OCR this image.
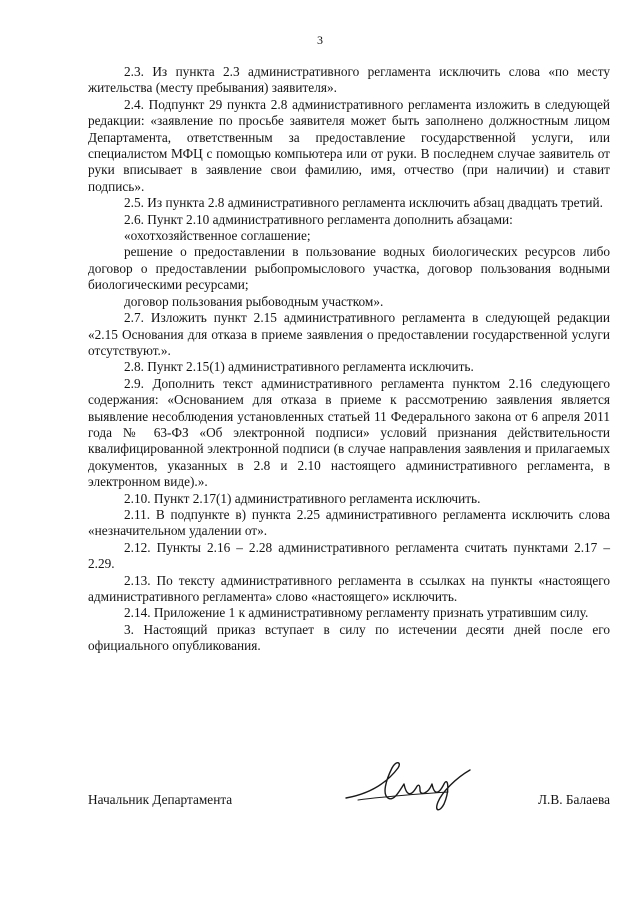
3

2.3. Из пункта 2.3 административного регламента исключить слова «по месту жительства (месту пребывания) заявителя».

2.4. Подпункт 29 пункта 2.8 административного регламента изложить в следующей редакции: «заявление по просьбе заявителя может быть заполнено должностным лицом Департамента, ответственным за предоставление государственной услуги, или специалистом МФЦ с помощью компьютера или от руки. В последнем случае заявитель от руки вписывает в заявление свои фамилию, имя, отчество (при наличии) и ставит подпись».

2.5. Из пункта 2.8 административного регламента исключить абзац двадцать третий.

2.6. Пункт 2.10 административного регламента дополнить абзацами:

«охотхозяйственное соглашение;

решение о предоставлении в пользование водных биологических ресурсов либо договор о предоставлении рыбопромыслового участка, договор пользования водными биологическими ресурсами;

договор пользования рыбоводным участком».

2.7. Изложить пункт 2.15 административного регламента в следующей редакции «2.15 Основания для отказа в приеме заявления о предоставлении государственной услуги отсутствуют.».

2.8. Пункт 2.15(1) административного регламента исключить.

2.9. Дополнить текст административного регламента пунктом 2.16 следующего содержания: «Основанием для отказа в приеме к рассмотрению заявления является выявление несоблюдения установленных статьей 11 Федерального закона от 6 апреля 2011 года № 63-ФЗ «Об электронной подписи» условий признания действительности квалифицированной электронной подписи (в случае направления заявления и прилагаемых документов, указанных в 2.8 и 2.10 настоящего административного регламента, в электронном виде).».

2.10. Пункт 2.17(1) административного регламента исключить.

2.11. В подпункте в) пункта 2.25 административного регламента исключить слова «незначительном удалении от».

2.12. Пункты 2.16 – 2.28 административного регламента считать пунктами 2.17 – 2.29.

2.13. По тексту административного регламента в ссылках на пункты «настоящего административного регламента» слово «настоящего» исключить.

2.14. Приложение 1 к административному регламенту признать утратившим силу.

3. Настоящий приказ вступает в силу по истечении десяти дней после его официального опубликования.

Начальник Департамента	Л.В. Балаева
